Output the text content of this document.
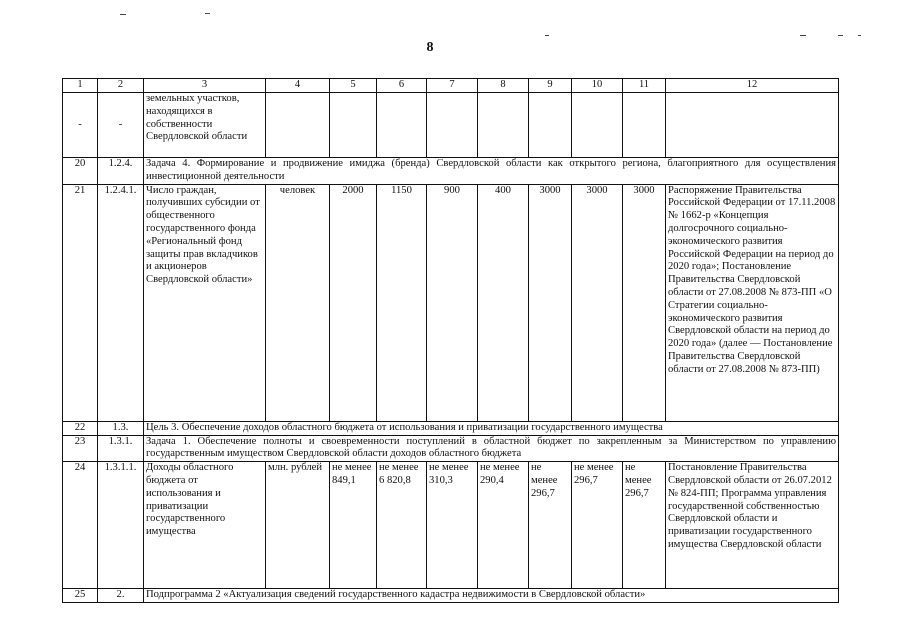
8
1	2	3	4	5	6	7	8	9	10	11	12
-	-	земельных участков, находящихся в собственности Свердловской области									
20	1.2.4.	Задача 4. Формирование и продвижение имиджа (бренда) Свердловской области как открытого региона, благоприятного для осуществления инвестиционной деятельности									
21	1.2.4.1.	Число граждан, получивших субсидии от общественного государственного фонда «Региональный фонд защиты прав вкладчиков и акционеров Свердловской области»	человек	2000	1150	900	400	3000	3000	3000	Распоряжение Правительства Российской Федерации от 17.11.2008 № 1662-р «Концепция долгосрочного социально-экономического развития Российской Федерации на период до 2020 года»; Постановление Правительства Свердловской области от 27.08.2008 № 873-ПП «О Стратегии социально-экономического развития Свердловской области на период до 2020 года» (далее — Постановление Правительства Свердловской области от 27.08.2008 № 873-ПП)
22	1.3.	Цель 3. Обеспечение доходов областного бюджета от использования и приватизации государственного имущества									
23	1.3.1.	Задача 1. Обеспечение полноты и своевременности поступлений в областной бюджет по закрепленным за Министерством по управлению государственным имуществом Свердловской области доходов областного бюджета									
24	1.3.1.1.	Доходы областного бюджета от использования и приватизации государственного имущества	млн. рублей	не менее 849,1	не менее 6 820,8	не менее 310,3	не менее 290,4	не менее 296,7	не менее 296,7	не менее 296,7	Постановление Правительства Свердловской области от 26.07.2012 № 824-ПП; Программа управления государственной собственностью Свердловской области и приватизации государственного имущества Свердловской области
25	2.	Подпрограмма 2 «Актуализация сведений государственного кадастра недвижимости в Свердловской области»									
